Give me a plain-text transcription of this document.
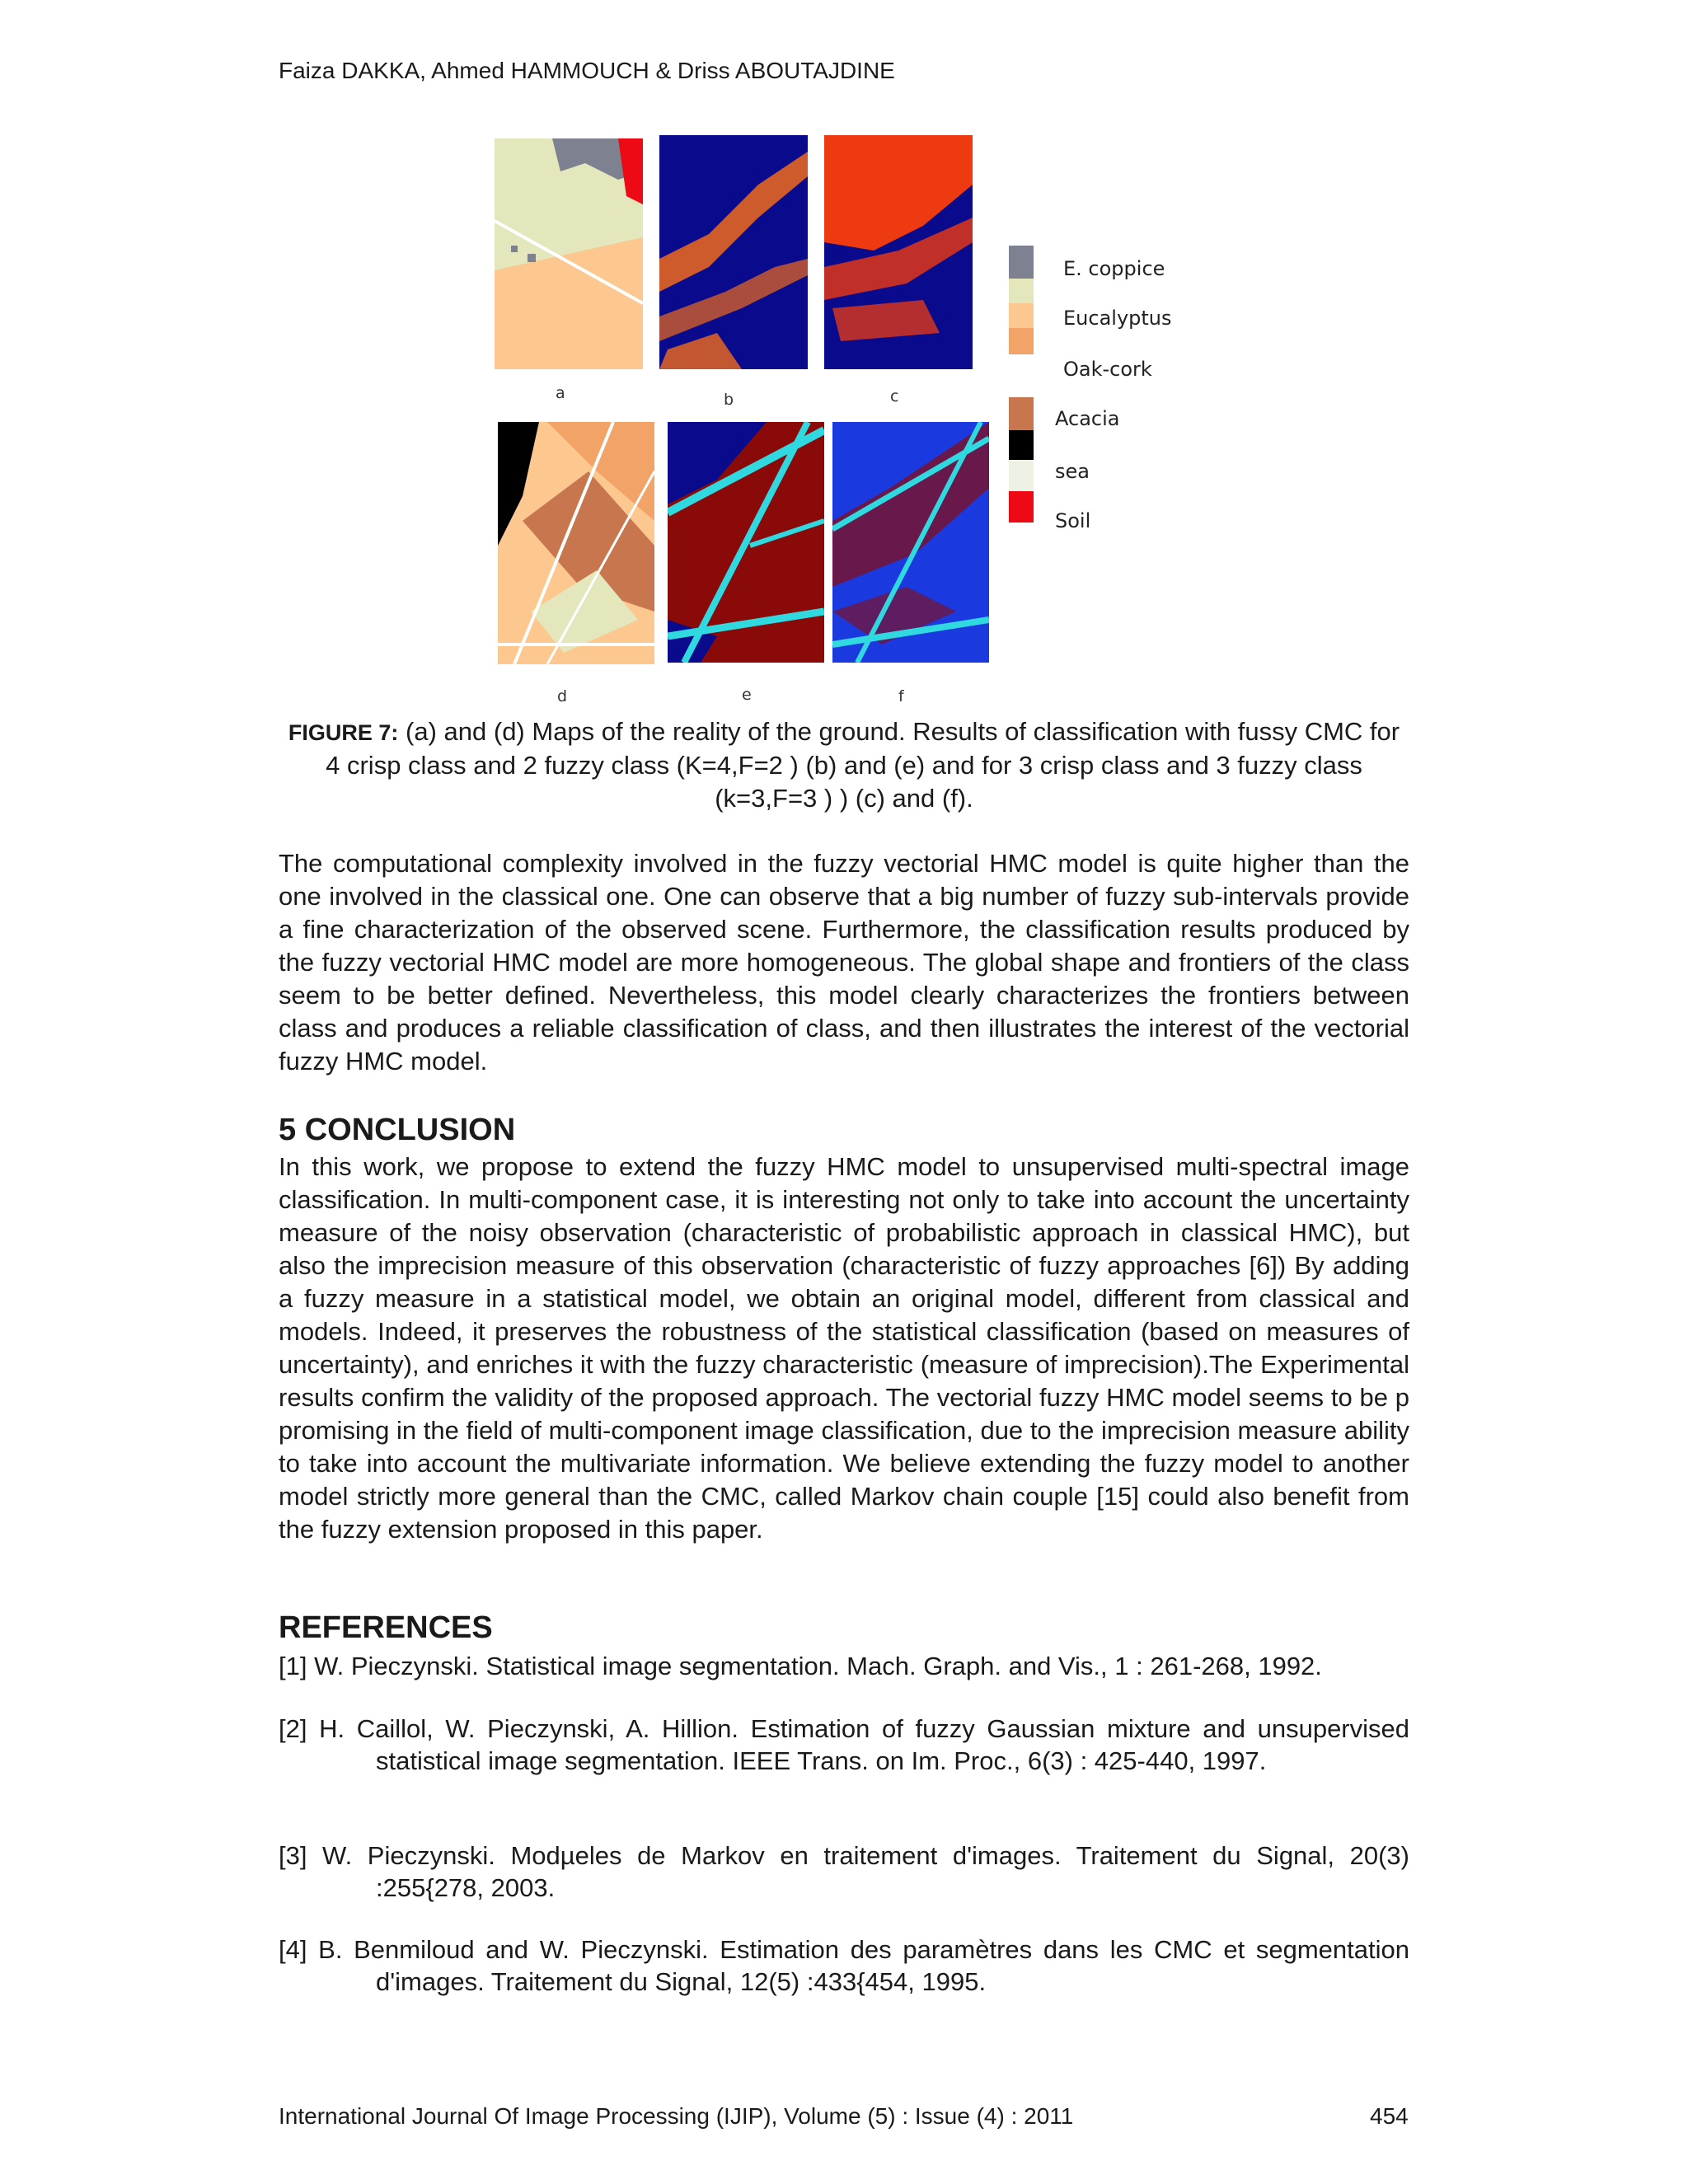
Faiza DAKKA, Ahmed HAMMOUCH & Driss ABOUTAJDINE
a	b	c
d	e	f
E. coppice
Eucalyptus
Oak-cork
Acacia
sea
Soil
FIGURE 7: (a) and (d) Maps of the reality of the ground. Results of classification with fussy CMC for 4 crisp class and 2 fuzzy class (K=4,F=2 ) (b) and (e) and for 3 crisp class and 3 fuzzy class (k=3,F=3 ) ) (c) and (f).
The computational complexity involved in the fuzzy vectorial HMC model is quite higher than the one involved in the classical one. One can observe that a big number of fuzzy sub-intervals provide a fine characterization of the observed scene. Furthermore, the classification results produced by the fuzzy vectorial HMC model are more homogeneous. The global shape and frontiers of the class seem to be better defined. Nevertheless, this model clearly characterizes the frontiers between class and produces a reliable classification of class, and then illustrates the interest of the vectorial fuzzy HMC model.
5 CONCLUSION
In this work, we propose to extend the fuzzy HMC model to unsupervised multi-spectral image classification. In multi-component case, it is interesting not only to take into account the uncertainty measure of the noisy observation (characteristic of probabilistic approach in classical HMC), but also the imprecision measure of this observation (characteristic of fuzzy approaches [6]) By adding a fuzzy measure in a statistical model, we obtain an original model, different from classical and models. Indeed, it preserves the robustness of the statistical classification (based on measures of uncertainty), and enriches it with the fuzzy characteristic (measure of imprecision).The Experimental results confirm the validity of the proposed approach. The vectorial fuzzy HMC model seems to be p promising in the field of multi-component image classification, due to the imprecision measure ability to take into account the multivariate information. We believe extending the fuzzy model to another model strictly more general than the CMC, called Markov chain couple [15] could also benefit from the fuzzy extension proposed in this paper.
REFERENCES
[1] W. Pieczynski. Statistical image segmentation. Mach. Graph. and Vis., 1 : 261-268, 1992.
[2] H. Caillol, W. Pieczynski, A. Hillion. Estimation of fuzzy Gaussian mixture and unsupervised statistical image segmentation. IEEE Trans. on Im. Proc., 6(3) : 425-440, 1997.
[3] W. Pieczynski. Modµeles de Markov en traitement d'images. Traitement du Signal, 20(3) :255{278, 2003.
[4] B. Benmiloud and W. Pieczynski. Estimation des paramètres dans les CMC et segmentation d'images. Traitement du Signal, 12(5) :433{454, 1995.
International Journal Of Image Processing (IJIP), Volume (5) : Issue (4) : 2011	454
